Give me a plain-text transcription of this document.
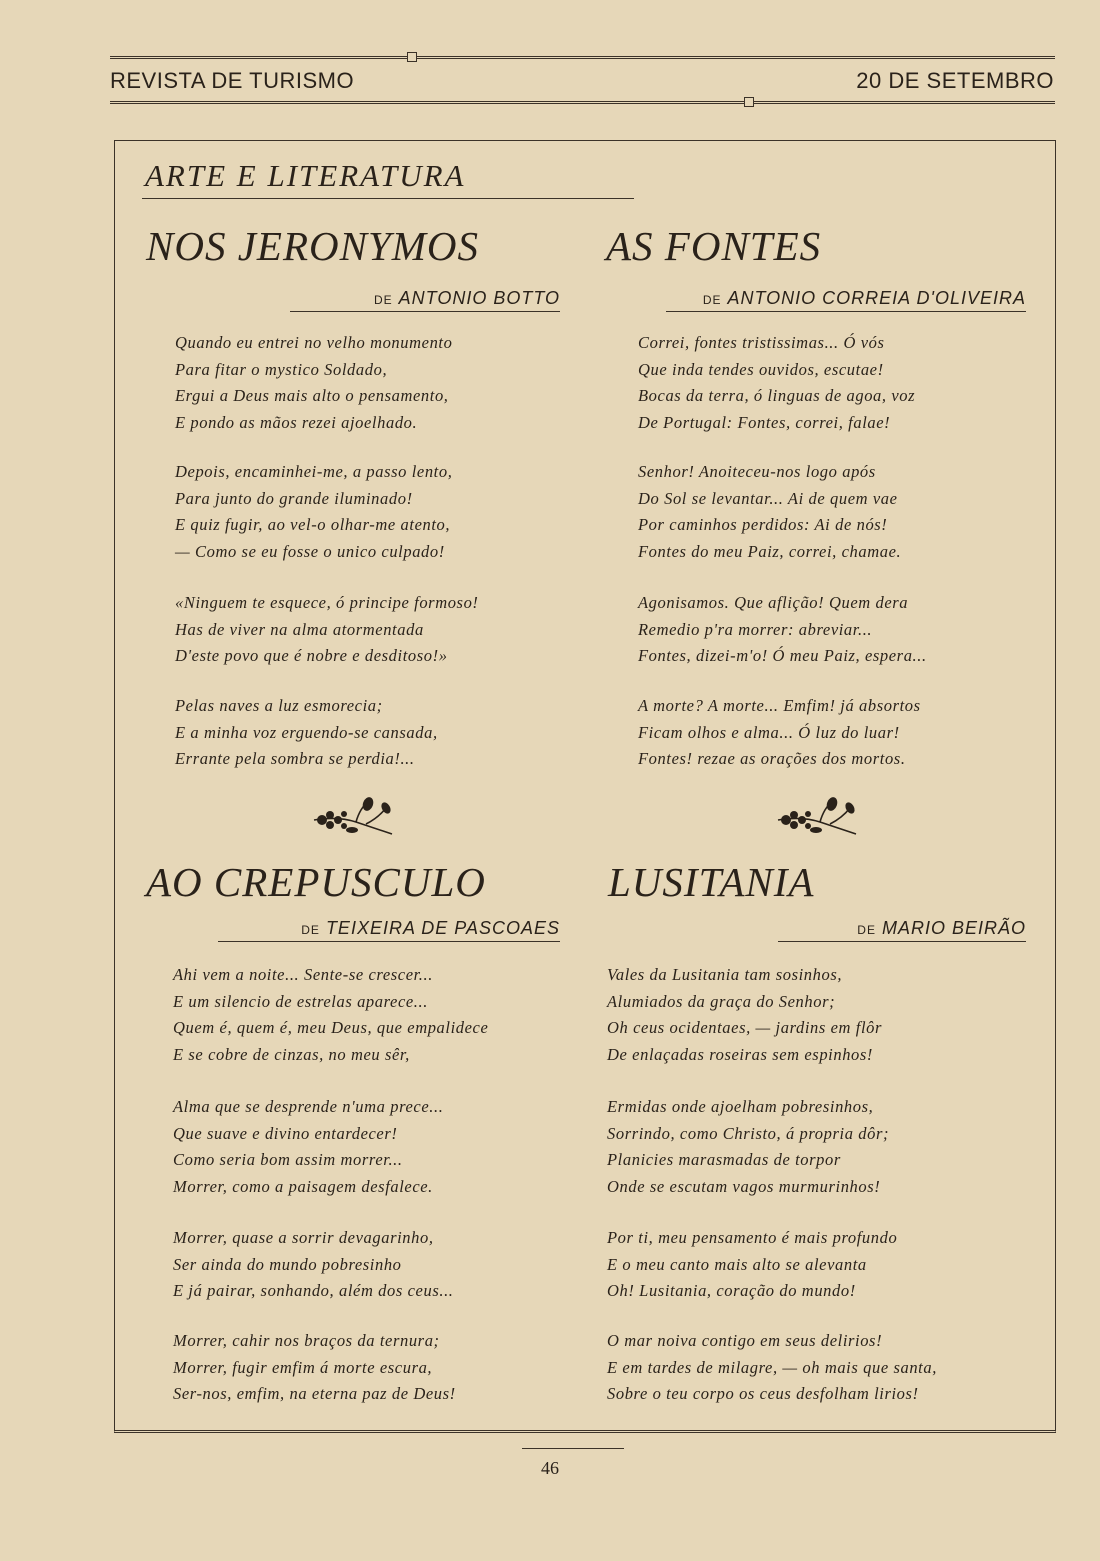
REVISTA DE TURISMO	20 DE SETEMBRO
ARTE E LITERATURA
NOS JERONYMOS
DE ANTONIO BOTTO
Quando eu entrei no velho monumento
Para fitar o mystico Soldado,
Ergui a Deus mais alto o pensamento,
E pondo as mãos rezei ajoelhado.
Depois, encaminhei-me, a passo lento,
Para junto do grande iluminado!
E quiz fugir, ao vel-o olhar-me atento,
— Como se eu fosse o unico culpado!
«Ninguem te esquece, ó principe formoso!
Has de viver na alma atormentada
D'este povo que é nobre e desditoso!»
Pelas naves a luz esmorecia;
E a minha voz erguendo-se cansada,
Errante pela sombra se perdia!...
AS FONTES
DE ANTONIO CORREIA D'OLIVEIRA
Correi, fontes tristissimas... Ó vós
Que inda tendes ouvidos, escutae!
Bocas da terra, ó linguas de agoa, voz
De Portugal: Fontes, correi, falae!
Senhor! Anoiteceu-nos logo após
Do Sol se levantar... Ai de quem vae
Por caminhos perdidos: Ai de nós!
Fontes do meu Paiz, correi, chamae.
Agonisamos. Que aflição! Quem dera
Remedio p'ra morrer: abreviar...
Fontes, dizei-m'o! Ó meu Paiz, espera...
A morte? A morte... Emfim! já absortos
Ficam olhos e alma... Ó luz do luar!
Fontes! rezae as orações dos mortos.
AO CREPUSCULO
DE TEIXEIRA DE PASCOAES
Ahi vem a noite... Sente-se crescer...
E um silencio de estrelas aparece...
Quem é, quem é, meu Deus, que empalidece
E se cobre de cinzas, no meu sêr,
Alma que se desprende n'uma prece...
Que suave e divino entardecer!
Como seria bom assim morrer...
Morrer, como a paisagem desfalece.
Morrer, quase a sorrir devagarinho,
Ser ainda do mundo pobresinho
E já pairar, sonhando, além dos ceus...
Morrer, cahir nos braços da ternura;
Morrer, fugir emfim á morte escura,
Ser-nos, emfim, na eterna paz de Deus!
LUSITANIA
DE MARIO BEIRÃO
Vales da Lusitania tam sosinhos,
Alumiados da graça do Senhor;
Oh ceus ocidentaes, — jardins em flôr
De enlaçadas roseiras sem espinhos!
Ermidas onde ajoelham pobresinhos,
Sorrindo, como Christo, á propria dôr;
Planicies marasmadas de torpor
Onde se escutam vagos murmurinhos!
Por ti, meu pensamento é mais profundo
E o meu canto mais alto se alevanta
Oh! Lusitania, coração do mundo!
O mar noiva contigo em seus delirios!
E em tardes de milagre, — oh mais que santa,
Sobre o teu corpo os ceus desfolham lirios!
46
